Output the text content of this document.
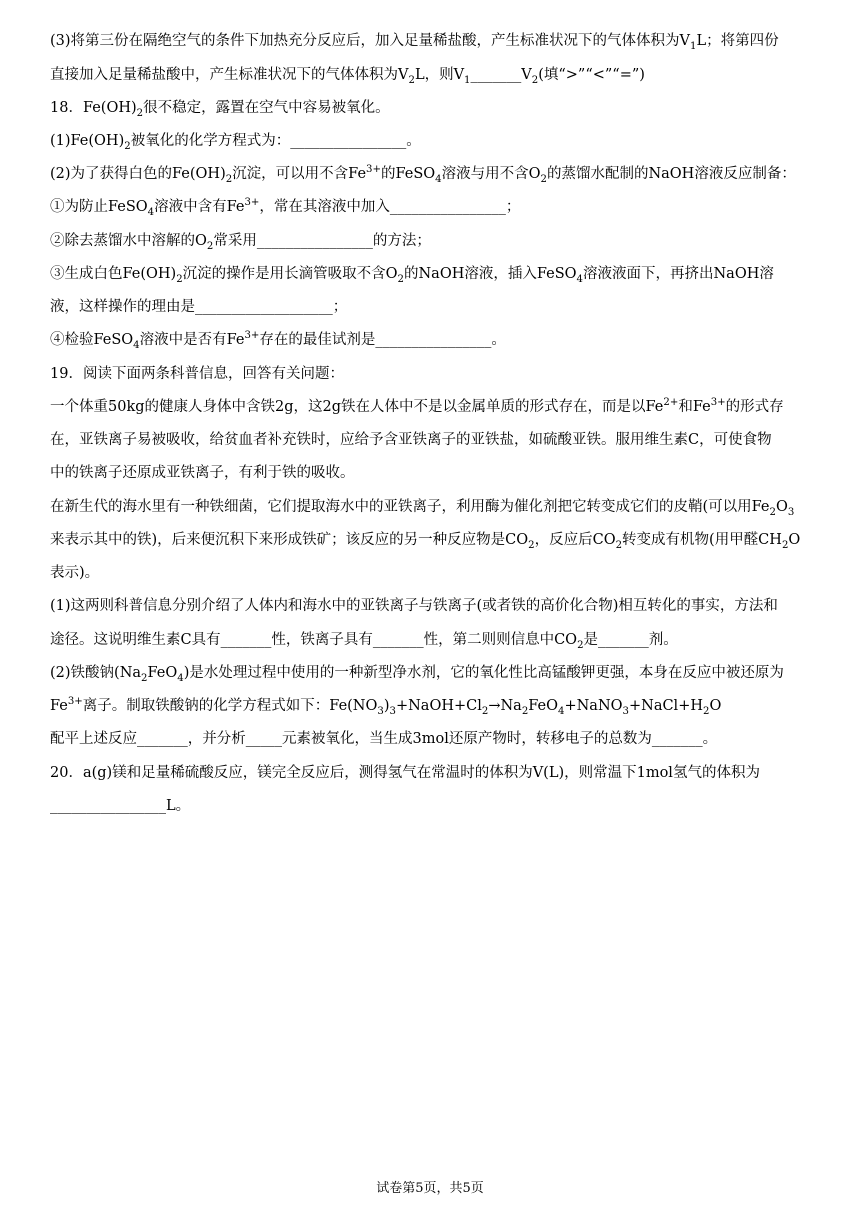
(3)将第三份在隔绝空气的条件下加热充分反应后，加入足量稀盐酸，产生标准状况下的气体体积为$V_1L$；将第四份
直接加入足量稀盐酸中，产生标准状况下的气体体积为$V_2L$，则$V_1\_\_\_\_\_\_\_V_2$(填“>”“<”“=”)
18．$Fe(OH)_2$很不稳定，露置在空气中容易被氧化。
$(1)Fe(OH)_2$被氧化的化学方程式为：________________。
(2)为了获得白色的$Fe(OH)_2$沉淀，可以用不含$Fe^{3+}$的FeSO$_4$溶液与用不含$O_2$的蒸馏水配制的NaOH溶液反应制备：
①为防止FeSO$_4$溶液中含有$Fe^{3+}$，常在其溶液中加入________________；
②除去蒸馏水中溶解的$O_2$常采用________________的方法；
③生成白色$Fe(OH)_2$沉淀的操作是用长滴管吸取不含$O_2$的NaOH溶液，插入FeSO$_4$溶液液面下，再挤出NaOH溶
液，这样操作的理由是___________________；
④检验FeSO$_4$溶液中是否有$Fe^{3+}$存在的最佳试剂是________________。
19．阅读下面两条科普信息，回答有关问题：
一个体重50kg的健康人身体中含铁2g，这2g铁在人体中不是以金属单质的形式存在，而是以$Fe^{2+}$和$Fe^{3+}$的形式存
在，亚铁离子易被吸收，给贫血者补充铁时，应给予含亚铁离子的亚铁盐，如硫酸亚铁。服用维生素C，可使食物
中的铁离子还原成亚铁离子，有利于铁的吸收。
在新生代的海水里有一种铁细菌，它们提取海水中的亚铁离子，利用酶为催化剂把它转变成它们的皮鞘(可以用$Fe_2O_3$
来表示其中的铁)，后来便沉积下来形成铁矿；该反应的另一种反应物是$CO_2$，反应后$CO_2$转变成有机物(用甲醛$CH_2O$
表示)。
(1)这两则科普信息分别介绍了人体内和海水中的亚铁离子与铁离子(或者铁的高价化合物)相互转化的事实，方法和
途径。这说明维生素C具有_______性，铁离子具有_______性，第二则则信息中$CO_2$是_______剂。
(2)铁酸钠$(Na_2FeO_4)$是水处理过程中使用的一种新型净水剂，它的氧化性比高锰酸钾更强，本身在反应中被还原为
$Fe^{3+}$离子。制取铁酸钠的化学方程式如下：$Fe(NO_3)_3+NaOH+Cl_2\to Na_2FeO_4+NaNO_3+NaCl+H_2O$
配平上述反应_______，并分析_____元素被氧化，当生成3mol还原产物时，转移电子的总数为_______。
20．a(g)镁和足量稀硫酸反应，镁完全反应后，测得氢气在常温时的体积为V(L)，则常温下1mol氢气的体积为
________________L。
试卷第5页，共5页
